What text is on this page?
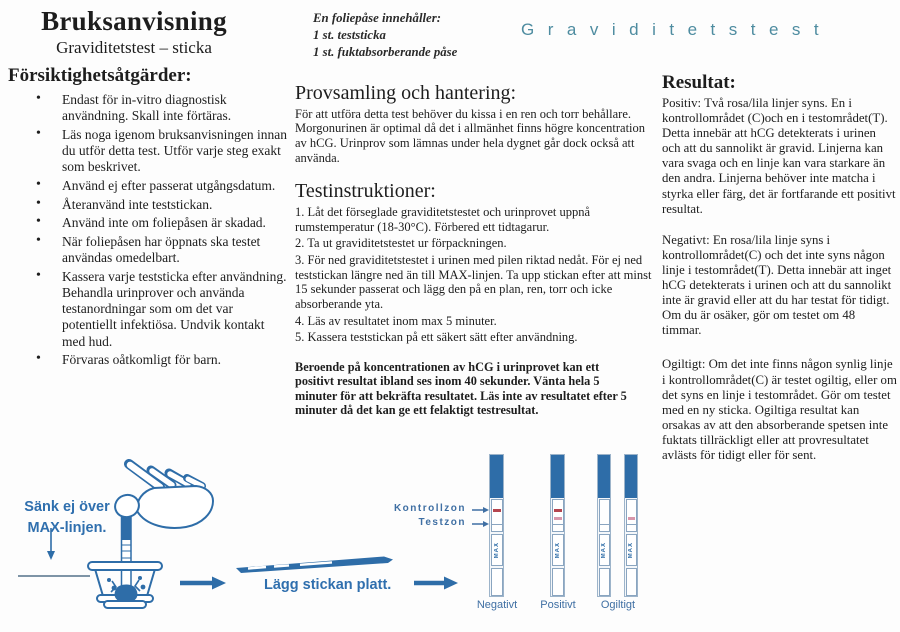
Bruksanvisning
Graviditetstest – sticka
Försiktighetsåtgärder:
• Endast för in-vitro diagnostisk användning. Skall inte förtäras.
• Läs noga igenom bruksanvisningen innan du utför detta test. Utför varje steg exakt som beskrivet.
• Använd ej efter passerat utgångsdatum.
• Återanvänd inte teststickan.
• Använd inte om foliepåsen är skadad.
• När foliepåsen har öppnats ska testet användas omedelbart.
• Kassera varje teststicka efter användning. Behandla urinprover och använda testanordningar som om det var potentiellt infektiösa. Undvik kontakt med hud.
• Förvaras oåtkomligt för barn.
En foliepåse innehåller:
1 st. teststicka
1 st. fuktabsorberande påse
Provsamling och hantering:

För att utföra detta test behöver du kissa i en ren och torr behållare. Morgonurinen är optimal då det i allmänhet finns högre koncentration av hCG. Urinprov som lämnas under hela dygnet går dock också att använda.

Testinstruktioner:

1. Låt det förseglade graviditetstestet och urinprovet uppnå rumstemperatur (18-30°C). Förbered ett tidtagarur.

2. Ta ut graviditetstestet ur förpackningen.

3. För ned graviditetstestet i urinen med pilen riktad nedåt. För ej ned teststickan längre ned än till MAX-linjen. Ta upp stickan efter att minst 15 sekunder passerat och lägg den på en plan, ren, torr och icke absorberande yta.

4. Läs av resultatet inom max 5 minuter.

5. Kassera teststickan på ett säkert sätt efter användning.

Beroende på koncentrationen av hCG i urinprovet kan ett positivt resultat ibland ses inom 40 sekunder. Vänta hela 5 minuter för att bekräfta resultatet. Läs inte av resultatet efter 5 minuter då det kan ge ett felaktigt testresultat.

Graviditetstest
Resultat:

Positiv: Två rosa/lila linjer syns. En i kontrollområdet (C)och en i testområdet(T). Detta innebär att hCG detekterats i urinen och att du sannolikt är gravid. Linjerna kan vara svaga och en linje kan vara starkare än den andra. Linjerna behöver inte matcha i styrka eller färg, det är fortfarande ett positivt resultat.

Negativt: En rosa/lila linje syns i kontrollområdet(C) och det inte syns någon linje i testområdet(T). Detta innebär att inget hCG detekterats i urinen och att du sannolikt inte är gravid eller att du har testat för tidigt. Om du är osäker, gör om testet om 48 timmar.

Ogiltigt: Om det inte finns någon synlig linje i kontrollområdet(C) är testet ogiltig, eller om det syns en linje i testområdet. Gör om testet med en ny sticka. Ogiltiga resultat kan orsakas av att den absorberande spetsen inte fuktats tillräckligt eller att provresultatet avlästs för tidigt eller för sent.

Sänk ej över
MAX-linjen.
Lägg stickan platt.
Kontrollzon
Testzon
MAX	MAX	MAX	MAX
Negativt	Positivt	Ogiltigt
